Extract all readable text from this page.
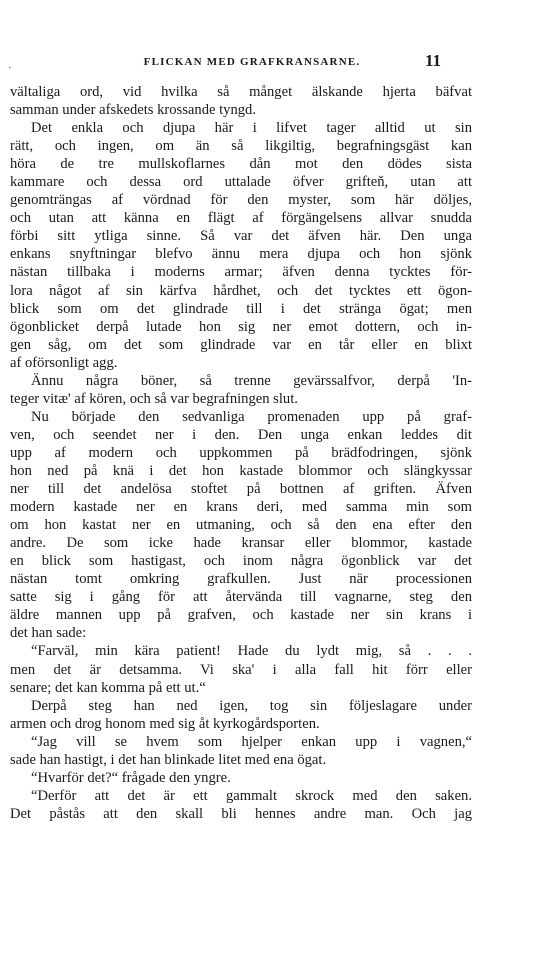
·	FLICKAN MED GRAFKRANSARNE.	11
vältaliga ord, vid hvilka så månget älskande hjerta bäfvat
samman under afskedets krossande tyngd.
Det enkla och djupa här i lifvet tager alltid ut sin
rätt, och ingen, om än så likgiltig, begrafningsgäst kan
höra de tre mullskoflarnes dån mot den dödes sista
kammare och dessa ord uttalade öfver grifteň, utan att
genomträngas af vördnad för den myster, som här döljes,
och utan att känna en flägt af förgängelsens allvar snudda
förbi sitt ytliga sinne. Så var det äfven här. Den unga
enkans snyftningar blefvo ännu mera djupa och hon sjönk
nästan tillbaka i moderns armar; äfven denna tycktes för-
lora något af sin kärfva hårdhet, och det tycktes ett ögon-
blick som om det glindrade till i det stränga ögat; men
ögonblicket derpå lutade hon sig ner emot dottern, och in-
gen såg, om det som glindrade var en tår eller en blixt
af oförsonligt agg.
Ännu några böner, så trenne gevärssalfvor, derpå 'In-
teger vitæ' af kören, och så var begrafningen slut.
Nu började den sedvanliga promenaden upp på graf-
ven, och seendet ner i den. Den unga enkan leddes dit
upp af modern och uppkommen på brädfodringen, sjönk
hon ned på knä i det hon kastade blommor och slängkyssar
ner till det andelösa stoftet på bottnen af griften. Äfven
modern kastade ner en krans deri, med samma min som
om hon kastat ner en utmaning, och så den ena efter den
andre. De som icke hade kransar eller blommor, kastade
en blick som hastigast, och inom några ögonblick var det
nästan tomt omkring grafkullen. Just när processionen
satte sig i gång för att återvända till vagnarne, steg den
äldre mannen upp på grafven, och kastade ner sin krans i
det han sade:
“Farväl, min kära patient! Hade du lydt mig, så . . .
men det är detsamma. Vi ska' i alla fall hit förr eller
senare; det kan komma på ett ut.“
Derpå steg han ned igen, tog sin följeslagare under
armen och drog honom med sig åt kyrkogårdsporten.
“Jag vill se hvem som hjelper enkan upp i vagnen,“
sade han hastigt, i det han blinkade litet med ena ögat.
“Hvarför det?“ frågade den yngre.
“Derför att det är ett gammalt skrock med den saken.
Det påstås att den skall bli hennes andre man. Och jag
